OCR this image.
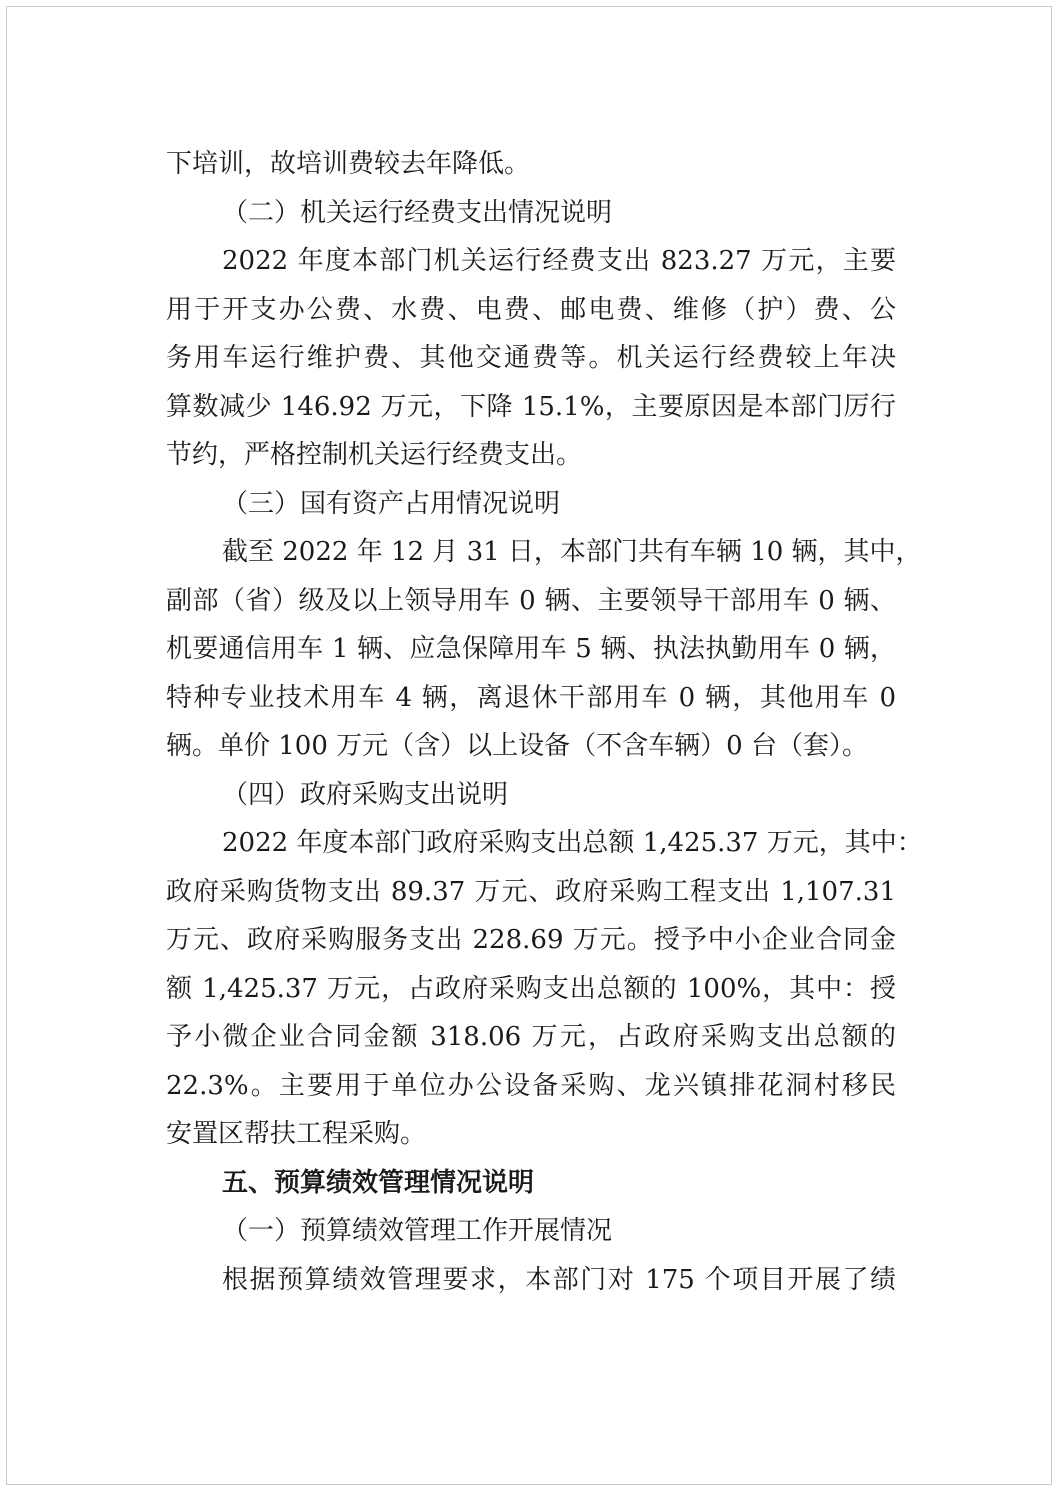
下培训，故培训费较去年降低。
（二）机关运行经费支出情况说明
2022 年度本部门机关运行经费支出 823.27 万元，主要
用于开支办公费、水费、电费、邮电费、维修（护）费、公
务用车运行维护费、其他交通费等。机关运行经费较上年决
算数减少 146.92 万元，下降 15.1%，主要原因是本部门厉行
节约，严格控制机关运行经费支出。
（三）国有资产占用情况说明
截至 2022 年 12 月 31 日，本部门共有车辆 10 辆，其中，
副部（省）级及以上领导用车 0 辆、主要领导干部用车 0 辆、
机要通信用车 1 辆、应急保障用车 5 辆、执法执勤用车 0 辆，
特种专业技术用车 4 辆，离退休干部用车 0 辆，其他用车 0
辆。单价 100 万元（含）以上设备（不含车辆）0 台（套）。
（四）政府采购支出说明
2022 年度本部门政府采购支出总额 1,425.37 万元，其中：
政府采购货物支出 89.37 万元、政府采购工程支出 1,107.31
万元、政府采购服务支出 228.69 万元。授予中小企业合同金
额 1,425.37 万元，占政府采购支出总额的 100%，其中：授
予小微企业合同金额 318.06 万元，占政府采购支出总额的
22.3%。主要用于单位办公设备采购、龙兴镇排花洞村移民
安置区帮扶工程采购。
五、预算绩效管理情况说明
（一）预算绩效管理工作开展情况
根据预算绩效管理要求，本部门对 175 个项目开展了绩
